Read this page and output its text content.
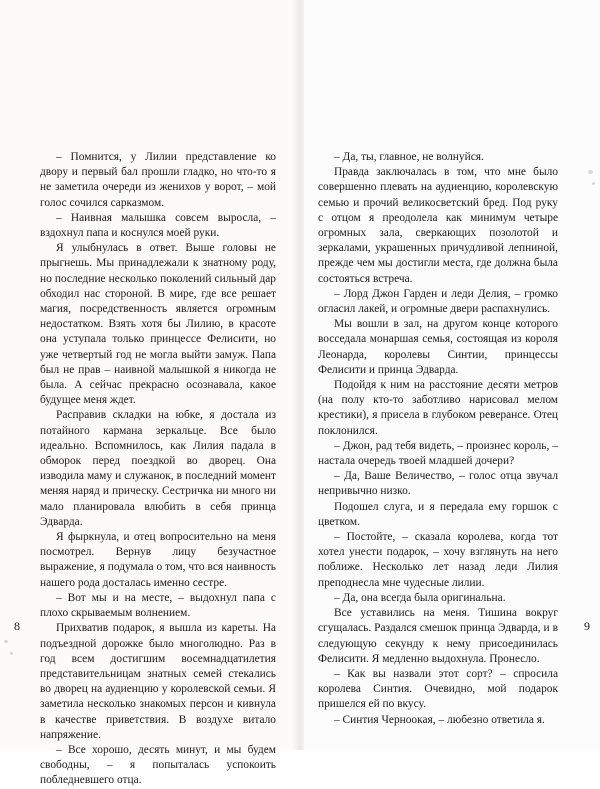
– Помнится, у Лилии представление ко двору и первый бал прошли гладко, но что-то я не заметила очереди из женихов у ворот, – мой голос сочился сарказмом.

– Наивная малышка совсем выросла, – вздохнул папа и коснулся моей руки.

Я улыбнулась в ответ. Выше головы не прыгнешь. Мы принадлежали к знатному роду, но последние несколько поколений сильный дар обходил нас стороной. В мире, где все решает магия, посредственность является огромным недостатком. Взять хотя бы Лилию, в красоте она уступала только принцессе Фелисити, но уже четвертый год не могла выйти замуж. Папа был не прав – наивной малышкой я никогда не была. А сейчас прекрасно осознавала, какое будущее меня ждет.

Расправив складки на юбке, я достала из потайного кармана зеркальце. Все было идеально. Вспомнилось, как Лилия падала в обморок перед поездкой во дворец. Она изводила маму и служанок, в последний момент меняя наряд и прическу. Сестричка ни много ни мало планировала влюбить в себя принца Эдварда.

Я фыркнула, и отец вопросительно на меня посмотрел. Вернув лицу безучастное выражение, я подумала о том, что вся наивность нашего рода досталась именно сестре.

– Вот мы и на месте, – выдохнул папа с плохо скрываемым волнением.

Прихватив подарок, я вышла из кареты. На подъездной дорожке было многолюдно. Раз в год всем достигшим восемнадцатилетия представительницам знатных семей стекались во дворец на аудиенцию у королевской семьи. Я заметила несколько знакомых персон и кивнула в качестве приветствия. В воздухе витало напряжение.

– Все хорошо, десять минут, и мы будем свободны, – я попыталась успокоить побледневшего отца.

8

– Да, ты, главное, не волнуйся.

Правда заключалась в том, что мне было совершенно плевать на аудиенцию, королевскую семью и прочий великосветский бред. Под руку с отцом я преодолела как минимум четыре огромных зала, сверкающих позолотой и зеркалами, украшенных причудливой лепниной, прежде чем мы достигли места, где должна была состояться встреча.

– Лорд Джон Гарден и леди Делия, – громко огласил лакей, и огромные двери распахнулись.

Мы вошли в зал, на другом конце которого восседала монаршая семья, состоящая из короля Леонарда, королевы Синтии, принцессы Фелисити и принца Эдварда.

Подойдя к ним на расстояние десяти метров (на полу кто-то заботливо нарисовал мелом крестики), я присела в глубоком реверансе. Отец поклонился.

– Джон, рад тебя видеть, – произнес король, – настала очередь твоей младшей дочери?

– Да, Ваше Величество, – голос отца звучал непривычно низко.

Подошел слуга, и я передала ему горшок с цветком.

– Постойте, – сказала королева, когда тот хотел унести подарок, – хочу взглянуть на него поближе. Несколько лет назад леди Лилия преподнесла мне чудесные лилии.

– Да, она всегда была оригинальна.

Все уставились на меня. Тишина вокруг сгущалась. Раздался смешок принца Эдварда, и в следующую секунду к нему присоединилась Фелисити. Я медленно выдохнула. Пронесло.

– Как вы назвали этот сорт? – спросила королева Синтия. Очевидно, мой подарок пришелся ей по вкусу.

– Синтия Черноокая, – любезно ответила я.

9
